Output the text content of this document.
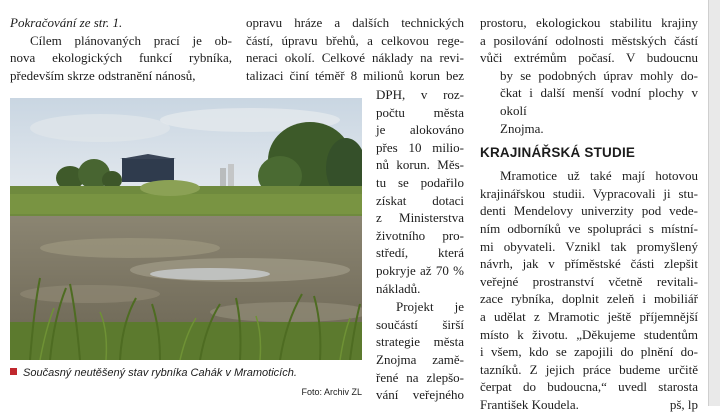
Pokračování ze str. 1.
Cílem plánovaných prací je ob-
nova ekologických funkcí rybníka,
především skrze odstranění nánosů,
opravu hráze a dalších technických
částí, úpravu břehů, a celkovou rege-
neraci okolí. Celkové náklady na revi-
talizaci činí téměř 8 milionů korun bez
DPH, v roz-
počtu města
je alokováno
přes 10 milio-
nů korun. Měs-
tu se podařilo
získat dotaci
z Ministerstva
životního pro-
středí, která
pokryje až 70 %
nákladů.
Projekt je
součástí širší
strategie města
Znojma zamě-
řené na zlepšo-
vání veřejného
prostoru, ekologickou stabilitu krajiny
a posilování odolnosti městských částí
vůči extrémům počasí. V budoucnu
by se podobných úprav mohly do-
čkat i další menší vodní plochy v okolí
Znojma.
KRAJINÁŘSKÁ STUDIE
Mramotice už také mají hotovou
krajinářskou studii. Vypracovali ji stu-
denti Mendelovy univerzity pod vede-
ním odborníků ve spolupráci s místní-
mi obyvateli. Vznikl tak promyšlený
návrh, jak v příměstské části zlepšit
veřejné prostranství včetně revitali-
zace rybníka, doplnit zeleň i mobiliář
a udělat z Mramotic ještě příjemnější
místo k životu. „Děkujeme studentům
i všem, kdo se zapojili do plnění do-
tazníků. Z jejich práce budeme určitě
čerpat do budoucna,“ uvedl starosta
František Koudela.	pš, lp
Současný neutěšený stav rybníka Cahák v Mramoticích.
Foto: Archiv ZL
